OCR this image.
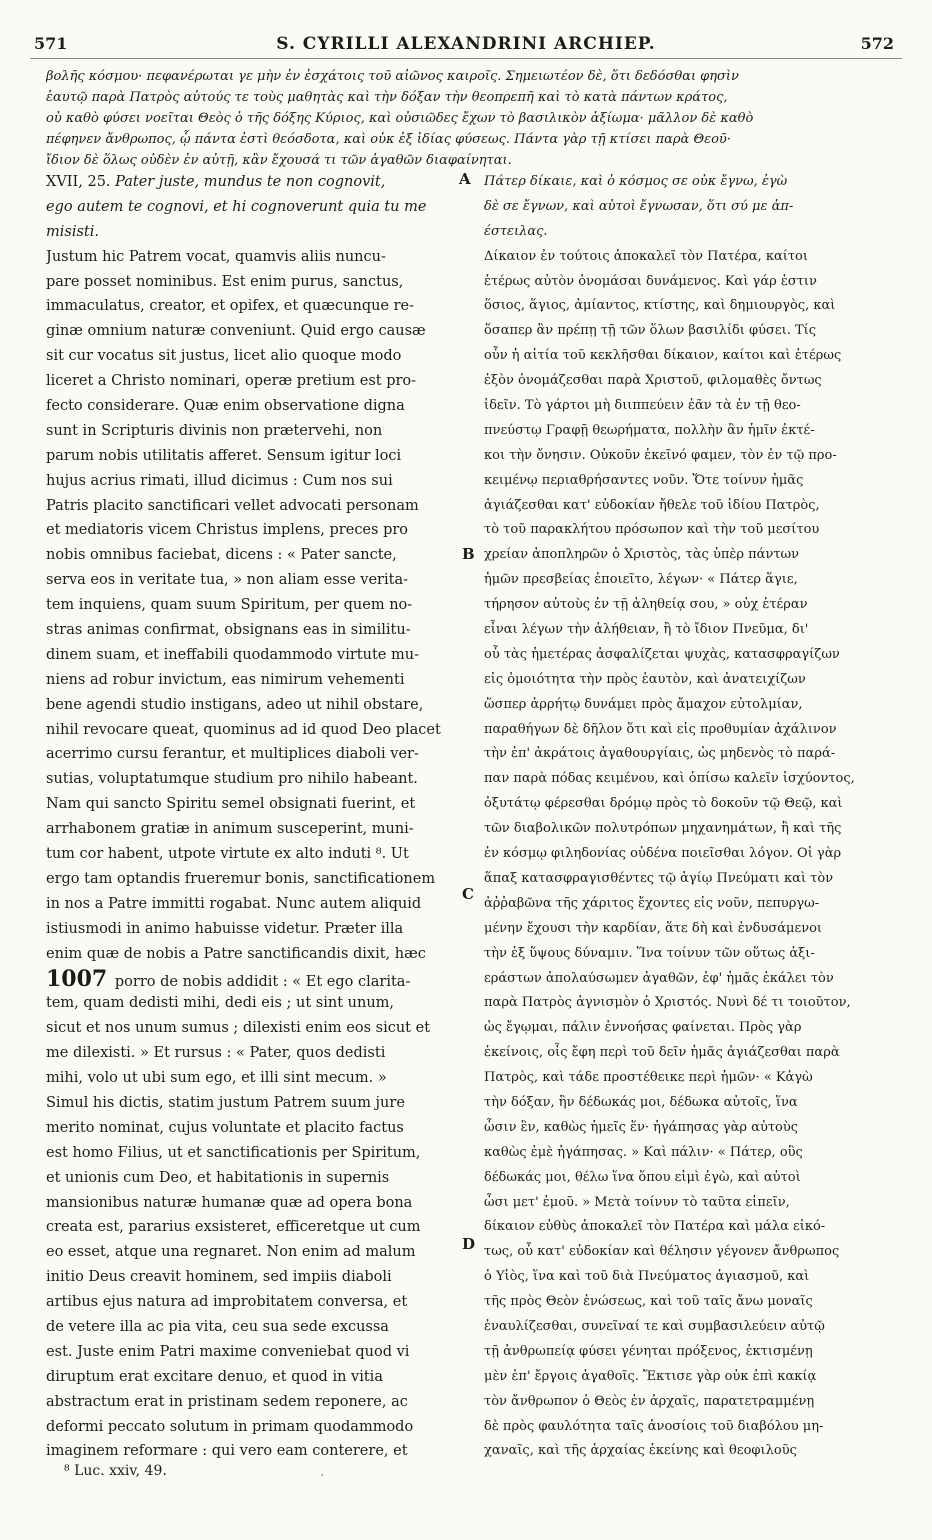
571	S. CYRILLI ALEXANDRINI ARCHIEP.	572
βολῆς κόσμου· πεφανέρωται γε μὴν ἐν ἐσχάτοις τοῦ αἰῶνος καιροῖς. Σημειωτέον δὲ, ὅτι δεδόσθαι φησὶν
ἑαυτῷ παρὰ Πατρὸς αὐτούς τε τοὺς μαθητὰς καὶ τὴν δόξαν τὴν θεοπρεπῆ καὶ τὸ κατὰ πάντων κράτος,
οὐ καθὸ φύσει νοεῖται Θεὸς ὁ τῆς δόξης Κύριος, καὶ οὐσιῶδες ἔχων τὸ βασιλικὸν ἀξίωμα· μᾶλλον δὲ καθὸ
πέφηνεν ἄνθρωπος, ᾧ πάντα ἐστὶ θεόσδοτα, καὶ οὐκ ἐξ ἰδίας φύσεως. Πάντα γὰρ τῇ κτίσει παρὰ Θεοῦ·
ἴδιον δὲ ὅλως οὐδὲν ἐν αὐτῇ, κἂν ἔχουσά τι τῶν ἀγαθῶν διαφαίνηται.
A
B
C
D
XVII, 25. Pater juste, mundus te non cognovit,
ego autem te cognovi, et hi cognoverunt quia tu me
misisti.
Justum hic Patrem vocat, quamvis aliis nuncu-
pare posset nominibus. Est enim purus, sanctus,
immaculatus, creator, et opifex, et quæcunque re-
ginæ omnium naturæ conveniunt. Quid ergo causæ
sit cur vocatus sit justus, licet alio quoque modo
liceret a Christo nominari, operæ pretium est pro-
fecto considerare. Quæ enim observatione digna
sunt in Scripturis divinis non prætervehi, non
parum nobis utilitatis afferet. Sensum igitur loci
hujus acrius rimati, illud dicimus : Cum nos sui
Patris placito sanctificari vellet advocati personam
et mediatoris vicem Christus implens, preces pro
nobis omnibus faciebat, dicens : « Pater sancte,
serva eos in veritate tua, » non aliam esse verita-
tem inquiens, quam suum Spiritum, per quem no-
stras animas confirmat, obsignans eas in similitu-
dinem suam, et ineffabili quodammodo virtute mu-
niens ad robur invictum, eas nimirum vehementi
bene agendi studio instigans, adeo ut nihil obstare,
nihil revocare queat, quominus ad id quod Deo placet
acerrimo cursu ferantur, et multiplices diaboli ver-
sutias, voluptatumque studium pro nihilo habeant.
Nam qui sancto Spiritu semel obsignati fuerint, et
arrhabonem gratiæ in animum susceperint, muni-
tum cor habent, utpote virtute ex alto induti ⁸. Ut
ergo tam optandis frueremur bonis, sanctificationem
in nos a Patre immitti rogabat. Nunc autem aliquid
istiusmodi in animo habuisse videtur. Præter illa
enim quæ de nobis a Patre sanctificandis dixit, hæc
1007 porro de nobis addidit : « Et ego clarita-
tem, quam dedisti mihi, dedi eis ; ut sint unum,
sicut et nos unum sumus ; dilexisti enim eos sicut et
me dilexisti. » Et rursus : « Pater, quos dedisti
mihi, volo ut ubi sum ego, et illi sint mecum. »
Simul his dictis, statim justum Patrem suum jure
merito nominat, cujus voluntate et placito factus
est homo Filius, ut et sanctificationis per Spiritum,
et unionis cum Deo, et habitationis in supernis
mansionibus naturæ humanæ quæ ad opera bona
creata est, pararius exsisteret, efficeretque ut cum
eo esset, atque una regnaret. Non enim ad malum
initio Deus creavit hominem, sed impiis diaboli
artibus ejus natura ad improbitatem conversa, et
de vetere illa ac pia vita, ceu sua sede excussa
est. Juste enim Patri maxime conveniebat quod vi
diruptum erat excitare denuo, et quod in vitia
abstractum erat in pristinam sedem reponere, ac
deformi peccato solutum in primam quodammodo
imaginem reformare : qui vero eam conterere, et
Πάτερ δίκαιε, καὶ ὁ κόσμος σε οὐκ ἔγνω, ἐγὼ
δὲ σε ἔγνων, καὶ αὐτοὶ ἔγνωσαν, ὅτι σύ με ἀπ-
έστειλας.
Δίκαιον ἐν τούτοις ἀποκαλεῖ τὸν Πατέρα, καίτοι
ἑτέρως αὐτὸν ὀνομάσαι δυνάμενος. Καὶ γάρ ἐστιν
ὅσιος, ἅγιος, ἀμίαντος, κτίστης, καὶ δημιουργὸς, καὶ
ὅσαπερ ἂν πρέπῃ τῇ τῶν ὅλων βασιλίδι φύσει. Τίς
οὖν ἡ αἰτία τοῦ κεκλῆσθαι δίκαιον, καίτοι καὶ ἑτέρως
ἐξὸν ὀνομάζεσθαι παρὰ Χριστοῦ, φιλομαθὲς ὄντως
ἰδεῖν. Τὸ γάρτοι μὴ διιππεύειν ἐᾶν τὰ ἐν τῇ θεο-
πνεύστῳ Γραφῇ θεωρήματα, πολλὴν ἂν ἡμῖν ἐκτέ-
κοι τὴν ὄνησιν. Οὐκοῦν ἐκεῖνό φαμεν, τὸν ἐν τῷ προ-
κειμένῳ περιαθρήσαντες νοῦν. Ὅτε τοίνυν ἡμᾶς
ἁγιάζεσθαι κατ' εὐδοκίαν ἤθελε τοῦ ἰδίου Πατρὸς,
τὸ τοῦ παρακλήτου πρόσωπον καὶ τὴν τοῦ μεσίτου
χρείαν ἀποπληρῶν ὁ Χριστὸς, τὰς ὑπὲρ πάντων
ἡμῶν πρεσβείας ἐποιεῖτο, λέγων· « Πάτερ ἅγιε,
τήρησον αὐτοὺς ἐν τῇ ἀληθείᾳ σου, » οὐχ ἑτέραν
εἶναι λέγων τὴν ἀλήθειαν, ἢ τὸ ἴδιον Πνεῦμα, δι'
οὗ τὰς ἡμετέρας ἀσφαλίζεται ψυχὰς, κατασφραγίζων
εἰς ὁμοιότητα τὴν πρὸς ἑαυτὸν, καὶ ἀνατειχίζων
ὥσπερ ἀρρήτῳ δυνάμει πρὸς ἄμαχον εὐτολμίαν,
παραθήγων δὲ δῆλον ὅτι καὶ εἰς προθυμίαν ἀχάλινον
τὴν ἐπ' ἀκράτοις ἀγαθουργίαις, ὡς μηδενὸς τὸ παρά-
παν παρὰ πόδας κειμένου, καὶ ὀπίσω καλεῖν ἰσχύοντος,
ὀξυτάτῳ φέρεσθαι δρόμῳ πρὸς τὸ δοκοῦν τῷ Θεῷ, καὶ
τῶν διαβολικῶν πολυτρόπων μηχανημάτων, ἢ καὶ τῆς
ἐν κόσμῳ φιληδονίας οὐδένα ποιεῖσθαι λόγον. Οἱ γὰρ
ἅπαξ κατασφραγισθέντες τῷ ἁγίῳ Πνεύματι καὶ τὸν
ἀῤῥαβῶνα τῆς χάριτος ἔχοντες εἰς νοῦν, πεπυργω-
μένην ἔχουσι τὴν καρδίαν, ἅτε δὴ καὶ ἐνδυσάμενοι
τὴν ἐξ ὕψους δύναμιν. Ἵνα τοίνυν τῶν οὕτως ἀξι-
εράστων ἀπολαύσωμεν ἀγαθῶν, ἐφ' ἡμᾶς ἐκάλει τὸν
παρὰ Πατρὸς ἁγνισμὸν ὁ Χριστός. Νυνὶ δέ τι τοιοῦτον,
ὡς ἔγῳμαι, πάλιν ἐννοήσας φαίνεται. Πρὸς γὰρ
ἐκείνοις, οἷς ἔφη περὶ τοῦ δεῖν ἡμᾶς ἁγιάζεσθαι παρὰ
Πατρὸς, καὶ τάδε προστέθεικε περὶ ἡμῶν· « Κἀγὼ
τὴν δόξαν, ἣν δέδωκάς μοι, δέδωκα αὐτοῖς, ἵνα
ὦσιν ἓν, καθὼς ἡμεῖς ἕν· ἠγάπησας γὰρ αὐτοὺς
καθὼς ἐμὲ ἠγάπησας. » Καὶ πάλιν· « Πάτερ, οὓς
δέδωκάς μοι, θέλω ἵνα ὅπου εἰμὶ ἐγὼ, καὶ αὐτοὶ
ὦσι μετ' ἐμοῦ. » Μετὰ τοίνυν τὸ ταῦτα εἰπεῖν,
δίκαιον εὐθὺς ἀποκαλεῖ τὸν Πατέρα καὶ μάλα εἰκό-
τως, οὗ κατ' εὐδοκίαν καὶ θέλησιν γέγονεν ἄνθρωπος
ὁ Υἱὸς, ἵνα καὶ τοῦ διὰ Πνεύματος ἁγιασμοῦ, καὶ
τῆς πρὸς Θεὸν ἑνώσεως, καὶ τοῦ ταῖς ἄνω μοναῖς
ἐναυλίζεσθαι, συνεῖναί τε καὶ συμβασιλεύειν αὐτῷ
τῇ ἀνθρωπείᾳ φύσει γένηται πρόξενος, ἐκτισμένῃ
μὲν ἐπ' ἔργοις ἀγαθοῖς. Ἔκτισε γὰρ οὐκ ἐπὶ κακίᾳ
τὸν ἄνθρωπον ὁ Θεὸς ἐν ἀρχαῖς, παρατετραμμένῃ
δὲ πρὸς φαυλότητα ταῖς ἀνοσίοις τοῦ διαβόλου μη-
χαναῖς, καὶ τῆς ἀρχαίας ἐκείνης καὶ θεοφιλοῦς
⁸ Luc. xxiv, 49.	⋅
